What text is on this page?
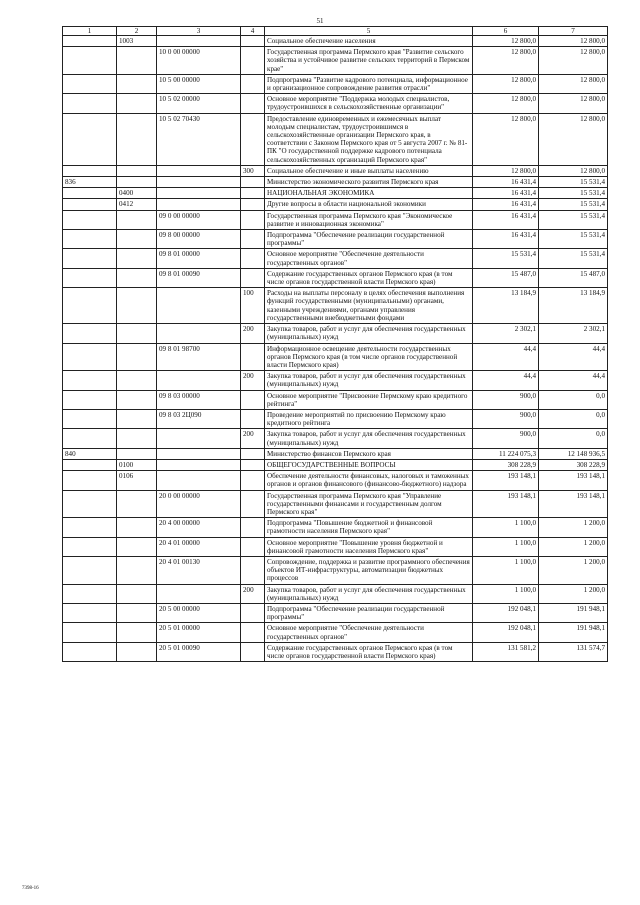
51
1	2	3	4	5	6	7
	1003			Социальное обеспечение населения	12 800,0	12 800,0
		10 0 00 00000		Государственная программа Пермского края "Развитие сельского хозяйства и устойчивое развитие сельских территорий в Пермском крае"	12 800,0	12 800,0
		10 5 00 00000		Подпрограмма "Развитие кадрового потенциала, информационное и организационное сопровождение развития отрасли"	12 800,0	12 800,0
		10 5 02 00000		Основное мероприятие "Поддержка молодых специалистов, трудоустроившихся в сельскохозяйственные организации"	12 800,0	12 800,0
		10 5 02 70430		Предоставление единовременных и ежемесячных выплат молодым специалистам, трудоустроившимся в сельскохозяйственные организации Пермского края, в соответствии с Законом Пермского края от 5 августа 2007 г. № 81-ПК "О государственной поддержке кадрового потенциала сельскохозяйственных организаций Пермского края"	12 800,0	12 800,0
			300	Социальное обеспечение и иные выплаты населению	12 800,0	12 800,0
836				Министерство экономического развития Пермского края	16 431,4	15 531,4
	0400			НАЦИОНАЛЬНАЯ ЭКОНОМИКА	16 431,4	15 531,4
	0412			Другие вопросы в области национальной экономики	16 431,4	15 531,4
		09 0 00 00000		Государственная программа Пермского края "Экономическое развитие и инновационная экономика"	16 431,4	15 531,4
		09 8 00 00000		Подпрограмма "Обеспечение реализации государственной программы"	16 431,4	15 531,4
		09 8 01 00000		Основное мероприятие "Обеспечение деятельности государственных органов"	15 531,4	15 531,4
		09 8 01 00090		Содержание государственных органов Пермского края (в том числе органов государственной власти Пермского края)	15 487,0	15 487,0
			100	Расходы на выплаты персоналу в целях обеспечения выполнения функций государственными (муниципальными) органами, казенными учреждениями, органами управления государственными внебюджетными фондами	13 184,9	13 184,9
			200	Закупка товаров, работ и услуг для обеспечения государственных (муниципальных) нужд	2 302,1	2 302,1
		09 8 01 98700		Информационное освещение деятельности государственных органов Пермского края (в том числе органов государственной власти Пермского края)	44,4	44,4
			200	Закупка товаров, работ и услуг для обеспечения государственных (муниципальных) нужд	44,4	44,4
		09 8 03 00000		Основное мероприятие "Присвоение Пермскому краю кредитного рейтинга"	900,0	0,0
		09 8 03 2Ц090		Проведение мероприятий по присвоению Пермскому краю кредитного рейтинга	900,0	0,0
			200	Закупка товаров, работ и услуг для обеспечения государственных (муниципальных) нужд	900,0	0,0
840				Министерство финансов Пермского края	11 224 075,3	12 148 936,5
	0100			ОБЩЕГОСУДАРСТВЕННЫЕ ВОПРОСЫ	308 228,9	308 228,9
	0106			Обеспечение деятельности финансовых, налоговых и таможенных органов и органов финансового (финансово-бюджетного) надзора	193 148,1	193 148,1
		20 0 00 00000		Государственная программа Пермского края "Управление государственными финансами и государственным долгом Пермского края"	193 148,1	193 148,1
		20 4 00 00000		Подпрограмма "Повышение бюджетной и финансовой грамотности населения Пермского края"	1 100,0	1 200,0
		20 4 01 00000		Основное мероприятие "Повышение уровня бюджетной и финансовой грамотности населения Пермского края"	1 100,0	1 200,0
		20 4 01 00130		Сопровождение, поддержка и развитие программного обеспечения объектов ИТ-инфраструктуры, автоматизации бюджетных процессов	1 100,0	1 200,0
			200	Закупка товаров, работ и услуг для обеспечения государственных (муниципальных) нужд	1 100,0	1 200,0
		20 5 00 00000		Подпрограмма "Обеспечение реализации государственной программы"	192 048,1	191 948,1
		20 5 01 00000		Основное мероприятие "Обеспечение деятельности государственных органов"	192 048,1	191 948,1
		20 5 01 00090		Содержание государственных органов Пермского края (в том числе органов государственной власти Пермского края)	131 581,2	131 574,7
7398-16
